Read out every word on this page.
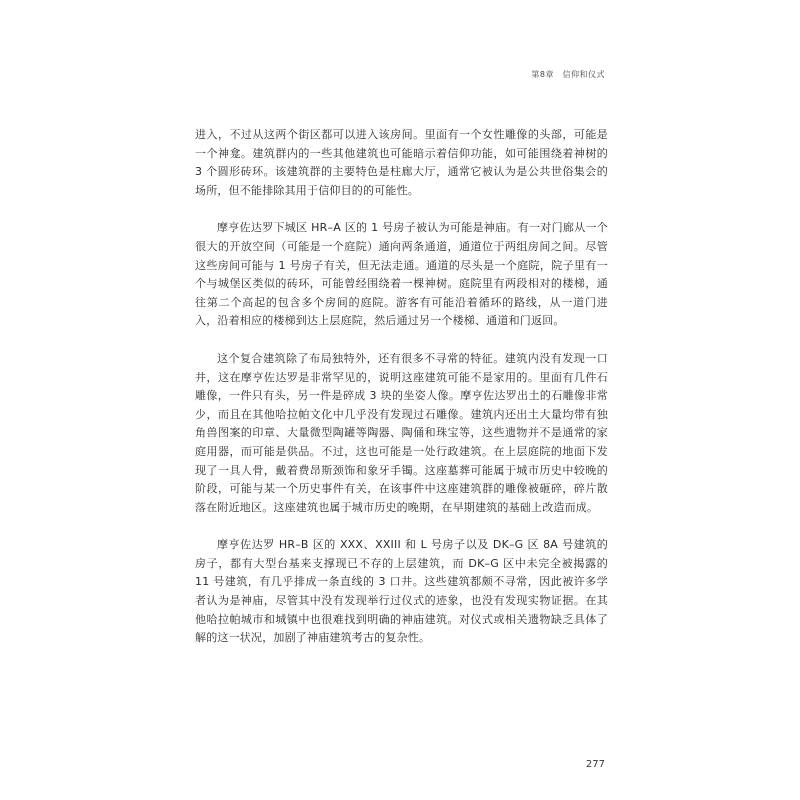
第8章　信仰和仪式

进入，不过从这两个街区都可以进入该房间。里面有一个女性雕像的头部，可能是一个神龛。建筑群内的一些其他建筑也可能暗示着信仰功能，如可能围绕着神树的 3 个圆形砖环。该建筑群的主要特色是柱廊大厅，通常它被认为是公共世俗集会的场所，但不能排除其用于信仰目的的可能性。

摩亨佐达罗下城区 HR–A 区的 1 号房子被认为可能是神庙。有一对门廊从一个很大的开放空间（可能是一个庭院）通向两条通道，通道位于两组房间之间。尽管这些房间可能与 1 号房子有关，但无法走通。通道的尽头是一个庭院，院子里有一个与城堡区类似的砖环，可能曾经围绕着一棵神树。庭院里有两段相对的楼梯，通往第二个高起的包含多个房间的庭院。游客有可能沿着循环的路线，从一道门进入，沿着相应的楼梯到达上层庭院，然后通过另一个楼梯、通道和门返回。

这个复合建筑除了布局独特外，还有很多不寻常的特征。建筑内没有发现一口井，这在摩亨佐达罗是非常罕见的，说明这座建筑可能不是家用的。里面有几件石雕像，一件只有头，另一件是碎成 3 块的坐姿人像。摩亨佐达罗出土的石雕像非常少，而且在其他哈拉帕文化中几乎没有发现过石雕像。建筑内还出土大量均带有独角兽图案的印章、大量微型陶罐等陶器、陶俑和珠宝等，这些遗物并不是通常的家庭用器，而可能是供品。不过，这也可能是一处行政建筑。在上层庭院的地面下发现了一具人骨，戴着费昂斯颈饰和象牙手镯。这座墓葬可能属于城市历史中较晚的阶段，可能与某一个历史事件有关，在该事件中这座建筑群的雕像被砸碎，碎片散落在附近地区。这座建筑也属于城市历史的晚期，在早期建筑的基础上改造而成。

摩亨佐达罗 HR–B 区的 XXX、XXIII 和 L 号房子以及 DK–G 区 8A 号建筑的房子，都有大型台基来支撑现已不存的上层建筑，而 DK–G 区中未完全被揭露的 11 号建筑，有几乎排成一条直线的 3 口井。这些建筑都颇不寻常，因此被许多学者认为是神庙，尽管其中没有发现举行过仪式的迹象，也没有发现实物证据。在其他哈拉帕城市和城镇中也很难找到明确的神庙建筑。对仪式或相关遗物缺乏具体了解的这一状况，加剧了神庙建筑考古的复杂性。

277
